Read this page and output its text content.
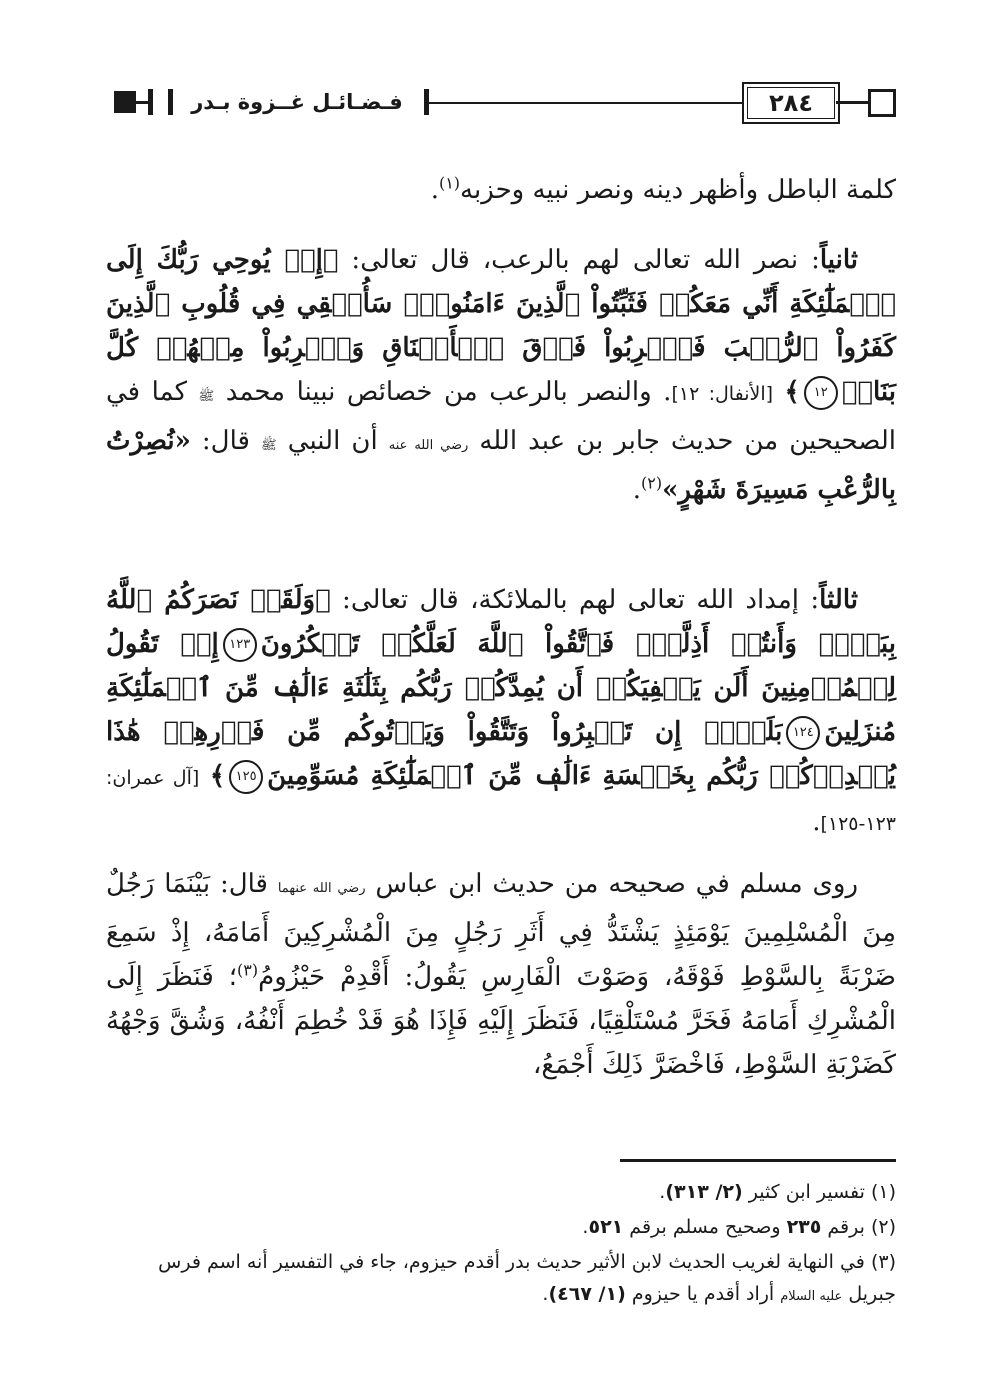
فـضـائـل غــزوة بـدر	٢٨٤
كلمة الباطل وأظهر دينه ونصر نبيه وحزبه$^{(١)}$.
ثانياً: نصر الله تعالى لهم بالرعب، قال تعالى: ﴿إِذۡ يُوحِي رَبُّكَ إِلَى ٱلۡمَلَٰٓئِكَةِ أَنِّي مَعَكُمۡ فَثَبِّتُواْ ٱلَّذِينَ ءَامَنُواْۚ سَأُلۡقِي فِي قُلُوبِ ٱلَّذِينَ كَفَرُواْ ٱلرُّعۡبَ فَٱضۡرِبُواْ فَوۡقَ ٱلۡأَعۡنَاقِ وَٱضۡرِبُواْ مِنۡهُمۡ كُلَّ بَنَانٖ١٢﴾ [الأنفال: ١٢]. والنصر بالرعب من خصائص نبينا محمد ﷺ كما في الصحيحين من حديث جابر بن عبد الله رضي الله عنه أن النبي ﷺ قال: «نُصِرْتُ بِالرُّعْبِ مَسِيرَةَ شَهْرٍ»$^{(٢)}$.
ثالثاً: إمداد الله تعالى لهم بالملائكة، قال تعالى: ﴿وَلَقَدۡ نَصَرَكُمُ ٱللَّهُ بِبَدۡرٖ وَأَنتُمۡ أَذِلَّةٞۖ فَٱتَّقُواْ ٱللَّهَ لَعَلَّكُمۡ تَشۡكُرُونَ١٢٣إِذۡ تَقُولُ لِلۡمُؤۡمِنِينَ أَلَن يَكۡفِيَكُمۡ أَن يُمِدَّكُمۡ رَبُّكُم بِثَلَٰثَةِ ءَالَٰفٖ مِّنَ ٱلۡمَلَٰٓئِكَةِ مُنزَلِينَ١٢٤بَلَىٰٓۚ إِن تَصۡبِرُواْ وَتَتَّقُواْ وَيَأۡتُوكُم مِّن فَوۡرِهِمۡ هَٰذَا يُمۡدِدۡكُمۡ رَبُّكُم بِخَمۡسَةِ ءَالَٰفٖ مِّنَ ٱلۡمَلَٰٓئِكَةِ مُسَوِّمِينَ١٢٥﴾ [آل عمران: ١٢٣-١٢٥].
روى مسلم في صحيحه من حديث ابن عباس رضي الله عنهما قال: بَيْنَمَا رَجُلٌ مِنَ الْمُسْلِمِينَ يَوْمَئِذٍ يَشْتَدُّ فِي أَثَرِ رَجُلٍ مِنَ الْمُشْرِكِينَ أَمَامَهُ، إِذْ سَمِعَ ضَرْبَةً بِالسَّوْطِ فَوْقَهُ، وَصَوْتَ الْفَارِسِ يَقُولُ: أَقْدِمْ حَيْزُومُ$^{(٣)}$؛ فَنَظَرَ إِلَى الْمُشْرِكِ أَمَامَهُ فَخَرَّ مُسْتَلْقِيًا، فَنَظَرَ إِلَيْهِ فَإِذَا هُوَ قَدْ خُطِمَ أَنْفُهُ، وَشُقَّ وَجْهُهُ كَضَرْبَةِ السَّوْطِ، فَاخْضَرَّ ذَلِكَ أَجْمَعُ،
(١) تفسير ابن كثير (٢/ ٣١٣).
(٢) برقم ٢٣٥ وصحيح مسلم برقم ٥٢١.
(٣) في النهاية لغريب الحديث لابن الأثير حديث بدر أقدم حيزوم، جاء في التفسير أنه اسم فرس جبريل عليه السلام أراد أقدم يا حيزوم (١/ ٤٦٧).
